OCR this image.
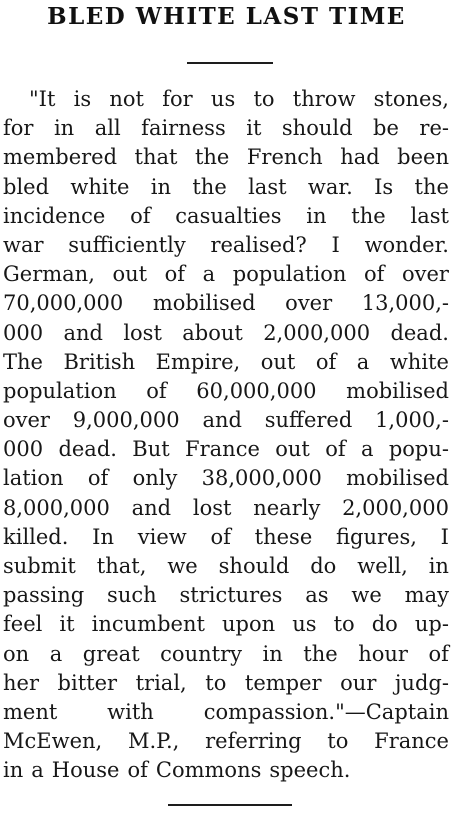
BLED WHITE LAST TIME
"It is not for us to throw stones,
for in all fairness it should be re-
membered that the French had been
bled white in the last war. Is the
incidence of casualties in the last
war sufficiently realised? I wonder.
German, out of a population of over
70,000,000 mobilised over 13,000,-
000 and lost about 2,000,000 dead.
The British Empire, out of a white
population of 60,000,000 mobilised
over 9,000,000 and suffered 1,000,-
000 dead. But France out of a popu-
lation of only 38,000,000 mobilised
8,000,000 and lost nearly 2,000,000
killed. In view of these figures, I
submit that, we should do well, in
passing such strictures as we may
feel it incumbent upon us to do up-
on a great country in the hour of
her bitter trial, to temper our judg-
ment with compassion."—Captain
McEwen, M.P., referring to France
in a House of Commons speech.
